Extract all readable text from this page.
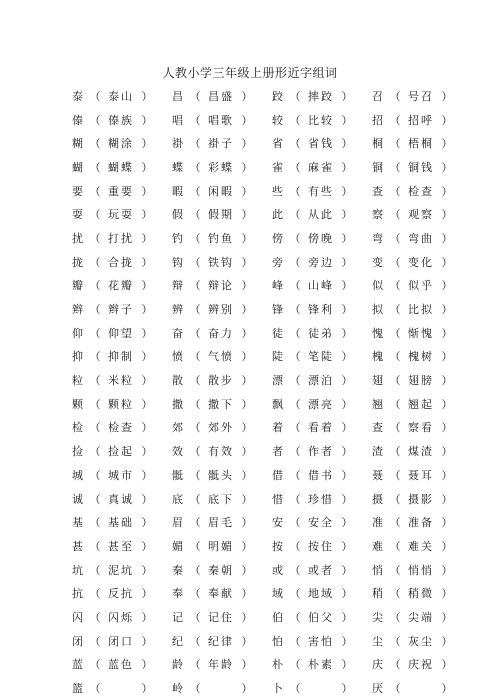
人教小学三年级上册形近字组词
泰 （ 泰山 ）	昌 （ 昌盛 ）	跤 （ 摔跤 ）	召 （ 号召 ）
傣 （ 傣族 ）	唱 （ 唱歌 ）	较 （ 比较 ）	招 （ 招呼 ）
糊 （ 糊涂 ）	褂 （ 褂子 ）	省 （ 省钱 ）	桐 （ 梧桐 ）
蝴 （ 蝴蝶 ）	蝶 （ 彩蝶 ）	雀 （ 麻雀 ）	铜 （ 铜钱 ）
要 （ 重要 ）	暇 （ 闲暇 ）	些 （ 有些 ）	查 （ 检查 ）
耍 （ 玩耍 ）	假 （ 假期 ）	此 （ 从此 ）	察 （ 观察 ）
扰 （ 打扰 ）	钓 （ 钓鱼 ）	傍 （ 傍晚 ）	弯 （ 弯曲 ）
拢 （ 合拢 ）	钩 （ 铁钩 ）	旁 （ 旁边 ）	变 （ 变化 ）
瓣 （ 花瓣 ）	辩 （ 辩论 ）	峰 （ 山峰 ）	似 （ 似乎 ）
辫 （ 辫子 ）	辨 （ 辨别 ）	锋 （ 锋利 ）	拟 （ 比拟 ）
仰 （ 仰望 ）	奋 （ 奋力 ）	徒 （ 徒弟 ）	愧 （ 惭愧 ）
抑 （ 抑制 ）	愤 （ 气愤 ）	陡 （ 笔陡 ）	槐 （ 槐树 ）
粒 （ 米粒 ）	散 （ 散步 ）	漂 （ 漂泊 ）	翅 （ 翅膀 ）
颗 （ 颗粒 ）	撒 （ 撒下 ）	飘 （ 漂亮 ）	翘 （ 翘起 ）
检 （ 检查 ）	郊 （ 郊外 ）	着 （ 看着 ）	查 （ 察看 ）
捡 （ 捡起 ）	效 （ 有效 ）	者 （ 作者 ）	渣 （ 煤渣 ）
城 （ 城市 ）	骶 （ 骶头 ）	借 （ 借书 ）	聂 （ 聂耳 ）
诚 （ 真诚 ）	底 （ 底下 ）	惜 （ 珍惜 ）	摄 （ 摄影 ）
基 （ 基础 ）	眉 （ 眉毛 ）	安 （ 安全 ）	准 （ 准备 ）
甚 （ 甚至 ）	媚 （ 明媚 ）	按 （ 按住 ）	难 （ 难关 ）
坑 （ 泥坑 ）	秦 （ 秦朝 ）	或 （ 或者 ）	悄 （ 悄悄 ）
抗 （ 反抗 ）	奉 （ 奉献 ）	域 （ 地域 ）	稍 （ 稍微 ）
闪 （ 闪烁 ）	记 （ 记住 ）	伯 （ 伯父 ）	尖 （ 尖端 ）
闭 （ 闭口 ）	纪 （ 纪律 ）	怕 （ 害怕 ）	尘 （ 灰尘 ）
蓝 （ 蓝色 ）	龄 （ 年龄 ）	朴 （ 朴素 ）	庆 （ 庆祝 ）
篮 （	）	岭 （	）	卜 （	）	厌 （	）
